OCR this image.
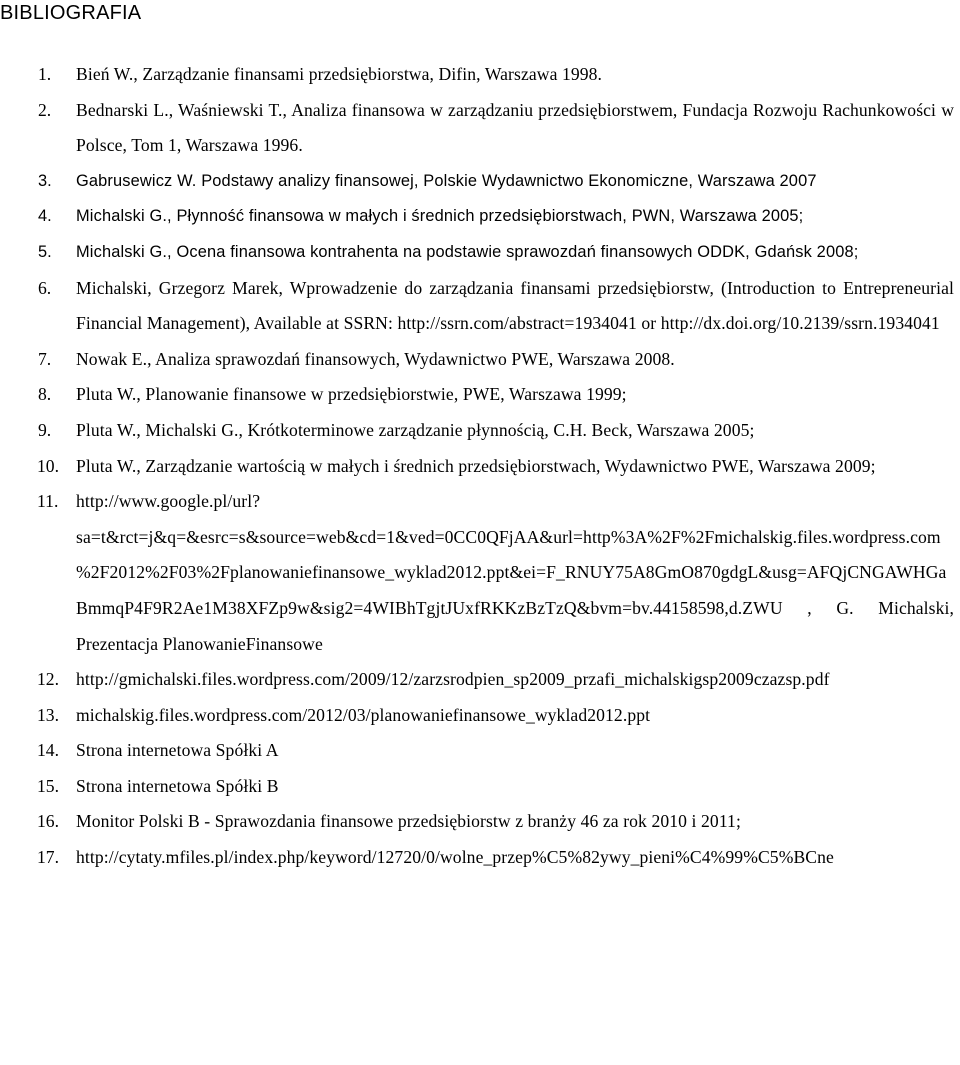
BIBLIOGRAFIA
1. Bień W., Zarządzanie finansami przedsiębiorstwa, Difin, Warszawa 1998.
2. Bednarski L., Waśniewski T., Analiza finansowa w zarządzaniu przedsiębiorstwem, Fundacja Rozwoju Rachunkowości w Polsce, Tom 1, Warszawa 1996.
3. Gabrusewicz W. Podstawy analizy finansowej, Polskie Wydawnictwo Ekonomiczne, Warszawa 2007
4. Michalski G., Płynność finansowa w małych i średnich przedsiębiorstwach, PWN, Warszawa 2005;
5. Michalski G., Ocena finansowa kontrahenta na podstawie sprawozdań finansowych ODDK, Gdańsk 2008;
6. Michalski, Grzegorz Marek, Wprowadzenie do zarządzania finansami przedsiębiorstw, (Introduction to Entrepreneurial Financial Management), Available at SSRN: http://ssrn.com/abstract=1934041 or http://dx.doi.org/10.2139/ssrn.1934041
7. Nowak E., Analiza sprawozdań finansowych, Wydawnictwo PWE, Warszawa 2008.
8. Pluta W., Planowanie finansowe w przedsiębiorstwie, PWE, Warszawa 1999;
9. Pluta W., Michalski G., Krótkoterminowe zarządzanie płynnością, C.H. Beck, Warszawa 2005;
10. Pluta W., Zarządzanie wartością w małych i średnich przedsiębiorstwach, Wydawnictwo PWE, Warszawa 2009;
11. http://www.google.pl/url?sa=t&rct=j&q=&esrc=s&source=web&cd=1&ved=0CC0QFjAA&url=http%3A%2F%2Fmichalskig.files.wordpress.com%2F2012%2F03%2Fplanowaniefinansowe_wyklad2012.ppt&ei=F_RNUY75A8GmO870gdgL&usg=AFQjCNGAWHGaBmmqP4F9R2Ae1M38XFZp9w&sig2=4WIBhTgjtJUxfRKKzBzTzQ&bvm=bv.44158598,d.ZWU , G. Michalski, Prezentacja PlanowanieFinansowe
12. http://gmichalski.files.wordpress.com/2009/12/zarzsrodpien_sp2009_przafi_michalskigsp2009czazsp.pdf
13. michalskig.files.wordpress.com/2012/03/planowaniefinansowe_wyklad2012.ppt
14. Strona internetowa Spółki A
15. Strona internetowa Spółki B
16. Monitor Polski B - Sprawozdania finansowe przedsiębiorstw z branży 46 za rok 2010 i 2011;
17. http://cytaty.mfiles.pl/index.php/keyword/12720/0/wolne_przep%C5%82ywy_pieni%C4%99%C5%BCne
